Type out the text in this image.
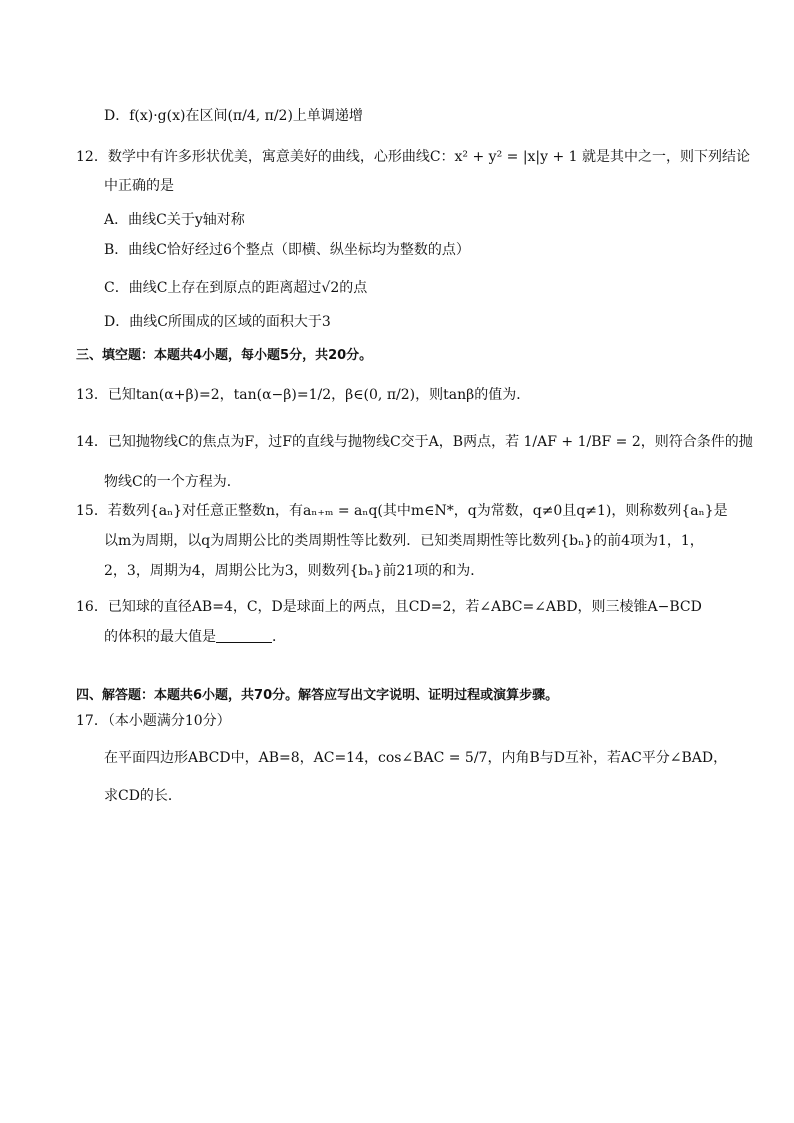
D．f(x)·g(x)在区间(π/4, π/2)上单调递增
12．数学中有许多形状优美，寓意美好的曲线，心形曲线C：x² + y² = |x|y + 1 就是其中之一，则下列结论
中正确的是
A．曲线C关于y轴对称
B．曲线C恰好经过6个整点（即横、纵坐标均为整数的点）
C．曲线C上存在到原点的距离超过√2的点
D．曲线C所围成的区域的面积大于3
三、填空题：本题共4小题，每小题5分，共20分。
13．已知tan(α+β)=2，tan(α−β)=1/2，β∈(0, π/2)，则tanβ的值为．
14．已知抛物线C的焦点为F，过F的直线与抛物线C交于A，B两点，若 1/AF + 1/BF = 2，则符合条件的抛
物线C的一个方程为．
15．若数列{aₙ}对任意正整数n，有aₙ₊ₘ = aₙq(其中m∈N*，q为常数，q≠0且q≠1)，则称数列{aₙ}是
以m为周期，以q为周期公比的类周期性等比数列．已知类周期性等比数列{bₙ}的前4项为1，1，
2，3，周期为4，周期公比为3，则数列{bₙ}前21项的和为．
16．已知球的直径AB=4，C，D是球面上的两点，且CD=2，若∠ABC=∠ABD，则三棱锥A−BCD
的体积的最大值是	．
四、解答题：本题共6小题，共70分。解答应写出文字说明、证明过程或演算步骤。
17．（本小题满分10分）
在平面四边形ABCD中，AB=8，AC=14，cos∠BAC = 5/7，内角B与D互补，若AC平分∠BAD，
求CD的长．
